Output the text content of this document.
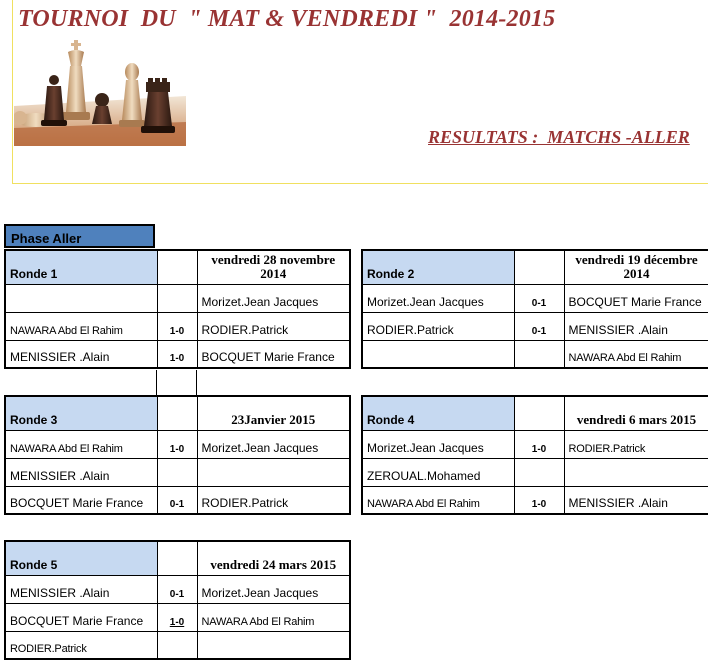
TOURNOI  DU  " MAT & VENDREDI "  2014-2015
RESULTATS :  MATCHS -ALLER
Phase Aller
Ronde 1		vendredi 28 novembre 2014
		Morizet.Jean Jacques
NAWARA Abd El Rahim	1-0	RODIER.Patrick
MENISSIER .Alain	1-0	BOCQUET Marie France
Ronde 2		vendredi 19 décembre 2014
Morizet.Jean Jacques	0-1	BOCQUET Marie France
RODIER.Patrick	0-1	MENISSIER .Alain
		NAWARA Abd El Rahim
Ronde 3		23Janvier 2015
NAWARA Abd El Rahim	1-0	Morizet.Jean Jacques
MENISSIER .Alain		
BOCQUET Marie France	0-1	RODIER.Patrick
Ronde 4		vendredi 6 mars 2015
Morizet.Jean Jacques	1-0	RODIER.Patrick
ZEROUAL.Mohamed		
NAWARA Abd El Rahim	1-0	MENISSIER .Alain
Ronde 5		vendredi 24 mars 2015
MENISSIER .Alain	0-1	Morizet.Jean Jacques
BOCQUET Marie France	1-0	NAWARA Abd El Rahim
RODIER.Patrick		
